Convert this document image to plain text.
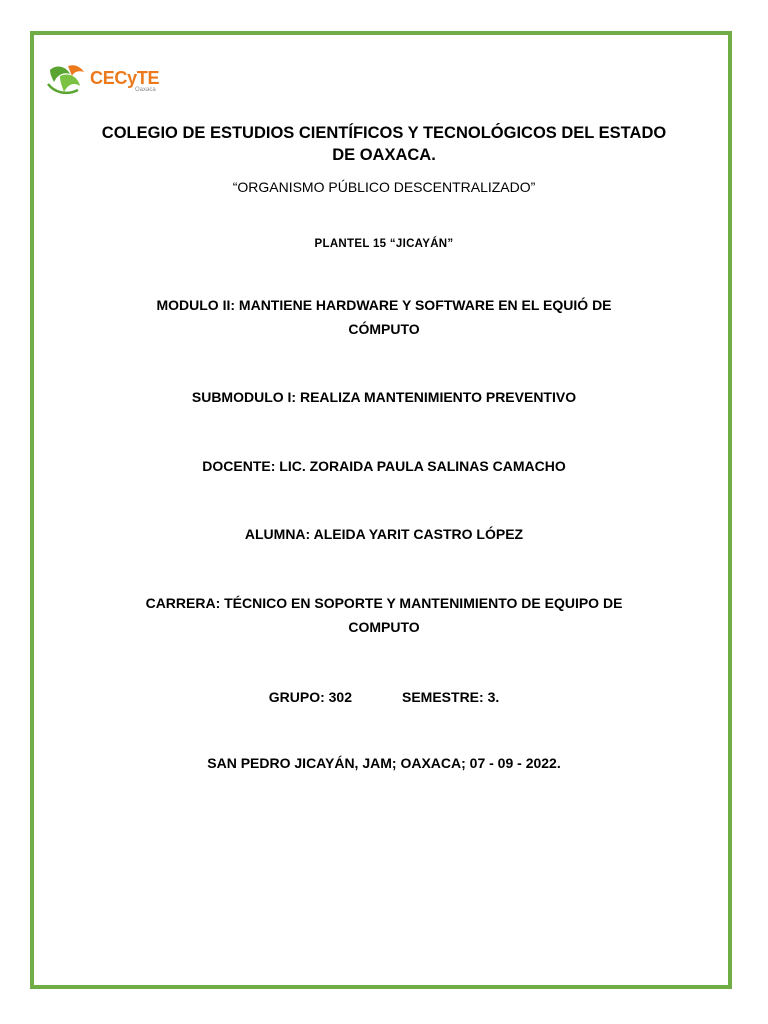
CECyTE
Oaxaca
COLEGIO DE ESTUDIOS CIENTÍFICOS Y TECNOLÓGICOS DEL ESTADO DE OAXACA.
“ORGANISMO PÚBLICO DESCENTRALIZADO”
PLANTEL 15 “JICAYÁN”
MODULO II: MANTIENE HARDWARE Y SOFTWARE EN EL EQUIÓ DE CÓMPUTO
SUBMODULO I: REALIZA MANTENIMIENTO PREVENTIVO
DOCENTE: LIC. ZORAIDA PAULA SALINAS CAMACHO
ALUMNA: ALEIDA YARIT CASTRO LÓPEZ
CARRERA: TÉCNICO EN SOPORTE Y MANTENIMIENTO DE EQUIPO DE COMPUTO
GRUPO: 302	SEMESTRE: 3.
SAN PEDRO JICAYÁN, JAM; OAXACA; 07 - 09 - 2022.
